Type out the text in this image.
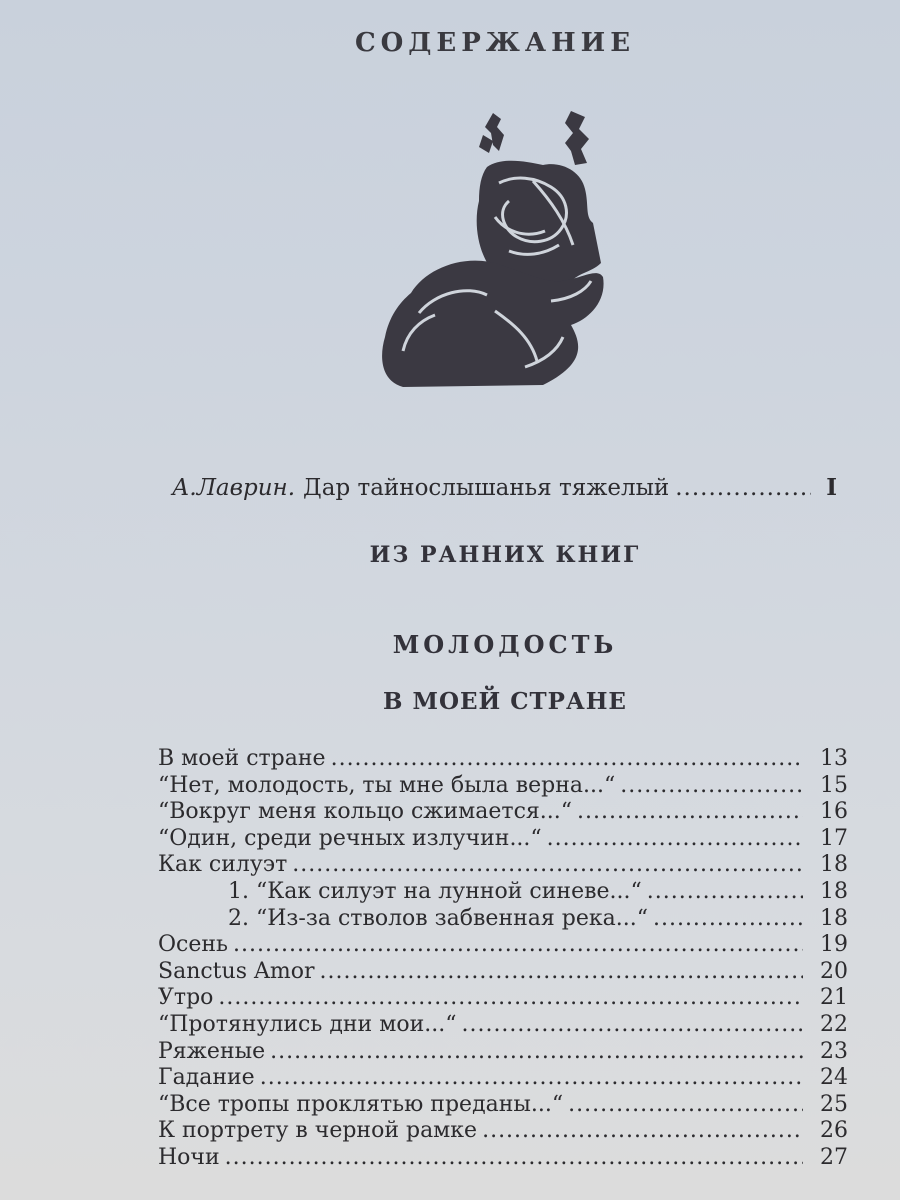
СОДЕРЖАНИЕ
А.Лаврин. Дар тайнослышанья тяжелый .....	I
ИЗ РАННИХ КНИГ
МОЛОДОСТЬ
В МОЕЙ СТРАНЕ
В моей стране .....	13
“Нет, молодость, ты мне была верна...“ .....	15
“Вокруг меня кольцо сжимается...“ .....	16
“Один, среди речных излучин...“ .....	17
Как силуэт .....	18
1. “Как силуэт на лунной синеве...“ .....	18
2. “Из-за стволов забвенная река...“ .....	18
Осень .....	19
Sanctus Amor .....	20
Утро .....	21
“Протянулись дни мои...“ .....	22
Ряженые .....	23
Гадание .....	24
“Все тропы проклятью преданы...“ .....	25
К портрету в черной рамке .....	26
Ночи .....	27
